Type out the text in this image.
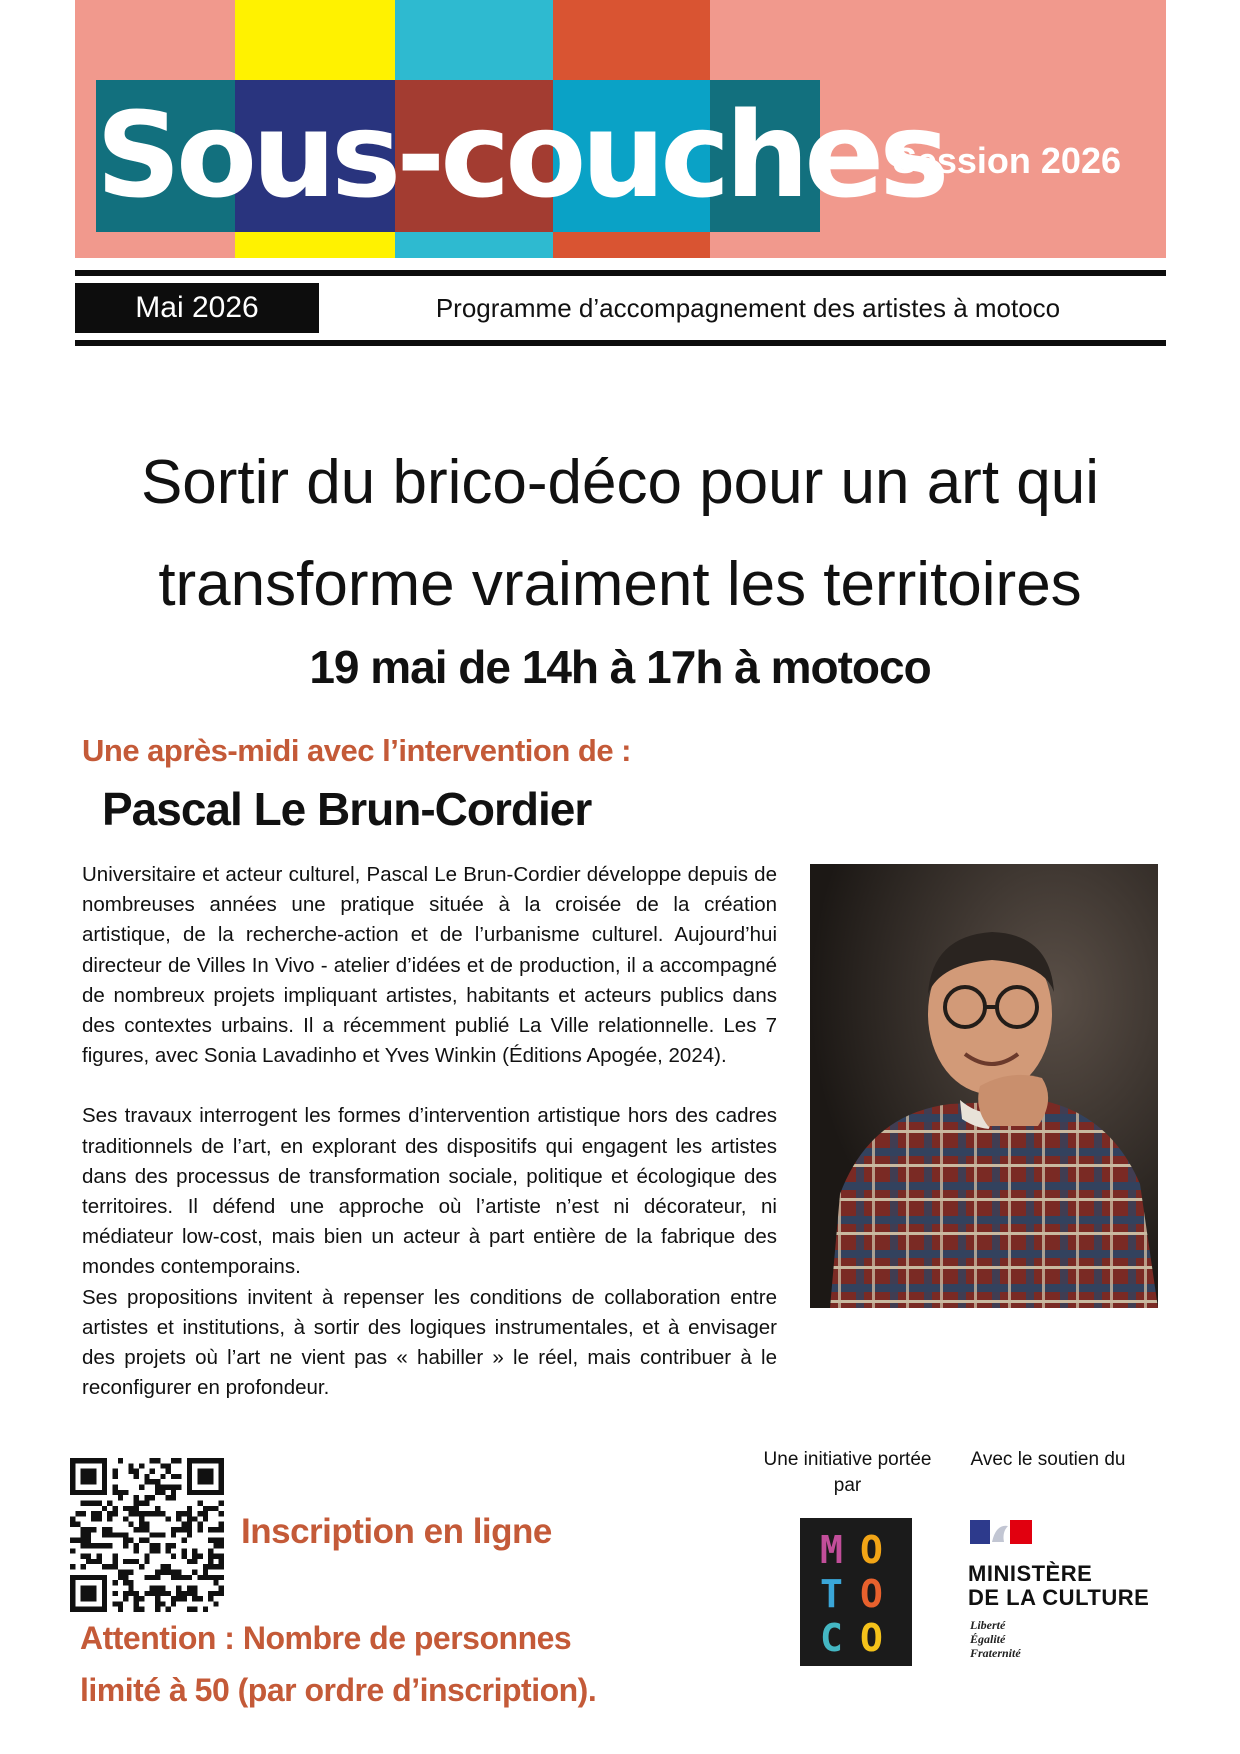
Sous-couches
Session 2026
Mai 2026	Programme d’accompagnement des artistes à motoco
Sortir du brico-déco pour un art qui
transforme vraiment les territoires
19 mai de 14h à 17h à motoco
Une après-midi avec l’intervention de :
Pascal Le Brun-Cordier

Universitaire et acteur culturel, Pascal Le Brun-Cordier développe depuis de nombreuses années une pratique située à la croisée de la création artistique, de la recherche-action et de l’urbanisme culturel. Aujourd’hui directeur de Villes In Vivo - atelier d’idées et de production, il a accompagné de nombreux projets impliquant artistes, habitants et acteurs publics dans des contextes urbains. Il a récemment publié La Ville relationnelle. Les 7 figures, avec Sonia Lavadinho et Yves Winkin (Éditions Apogée, 2024).

Ses travaux interrogent les formes d’intervention artistique hors des cadres traditionnels de l’art, en explorant des dispositifs qui engagent les artistes dans des processus de transformation sociale, politique et écologique des territoires. Il défend une approche où l’artiste n’est ni décorateur, ni médiateur low-cost, mais bien un acteur à part entière de la fabrique des mondes contemporains.

Ses propositions invitent à repenser les conditions de collaboration entre artistes et institutions, à sortir des logiques instrumentales, et à envisager des projets où l’art ne vient pas « habiller » le réel, mais contribuer à le reconfigurer en profondeur.

Inscription en ligne
Attention : Nombre de personnes
limité à 50 (par ordre d’inscription).
Une initiative portée par
Avec le soutien du
M O
T O
C O
MINISTÈRE
DE LA CULTURE
Liberté
Égalité
Fraternité
